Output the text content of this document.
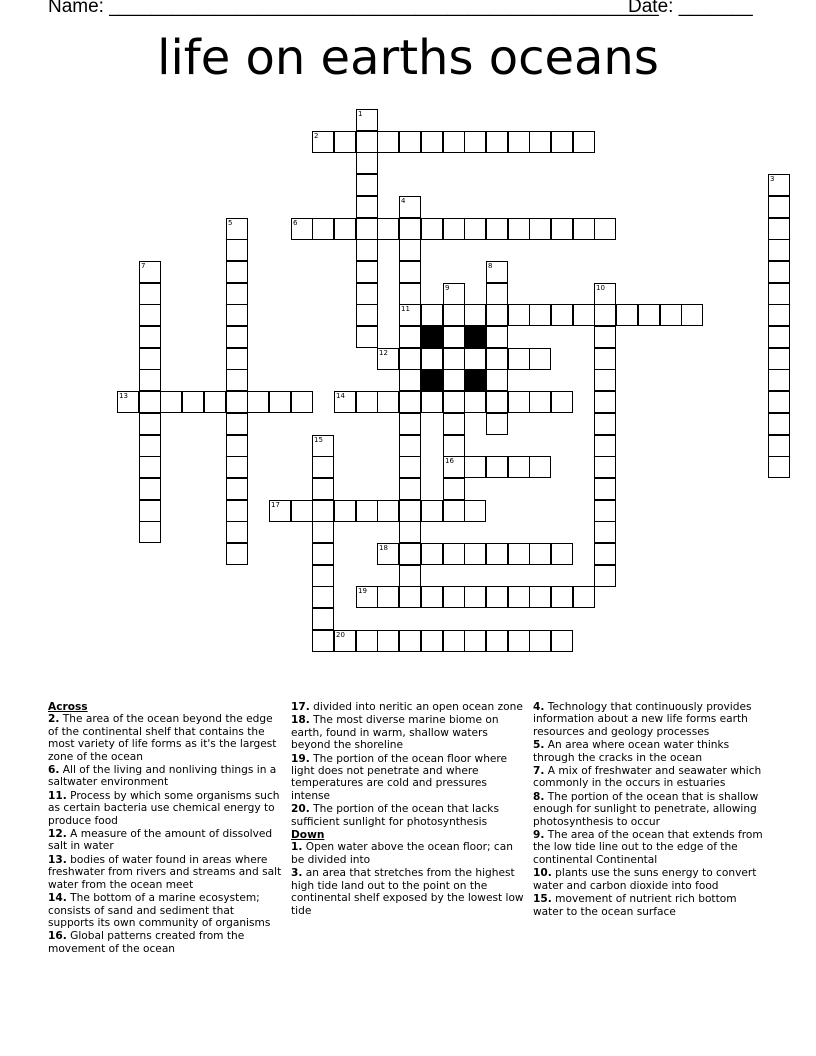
Name: ____________________________________________________
Date: _______
life on earths oceans
1
2
3
4
11
5	6
7	8
9
16
10
12
13	14
15
17
18
19
20
Across
2. The area of the ocean beyond the edge of the continental shelf that contains the most variety of life forms as it's the largest zone of the ocean
6. All of the living and nonliving things in a saltwater environment
11. Process by which some organisms such as certain bacteria use chemical energy to produce food
12. A measure of the amount of dissolved salt in water
13. bodies of water found in areas where freshwater from rivers and streams and salt water from the ocean meet
14. The bottom of a marine ecosystem; consists of sand and sediment that supports its own community of organisms
16. Global patterns created from the movement of the ocean
17. divided into neritic an open ocean zone
18. The most diverse marine biome on earth, found in warm, shallow waters beyond the shoreline
19. The portion of the ocean floor where light does not penetrate and where temperatures are cold and pressures intense
20. The portion of the ocean that lacks sufficient sunlight for photosynthesis
Down
1. Open water above the ocean floor; can be divided into
3. an area that stretches from the highest high tide land out to the point on the continental shelf exposed by the lowest low tide
4. Technology that continuously provides information about a new life forms earth resources and geology processes
5. An area where ocean water thinks through the cracks in the ocean
7. A mix of freshwater and seawater which commonly in the occurs in estuaries
8. The portion of the ocean that is shallow enough for sunlight to penetrate, allowing photosynthesis to occur
9. The area of the ocean that extends from the low tide line out to the edge of the continental Continental
10. plants use the suns energy to convert water and carbon dioxide into food
15. movement of nutrient rich bottom water to the ocean surface
